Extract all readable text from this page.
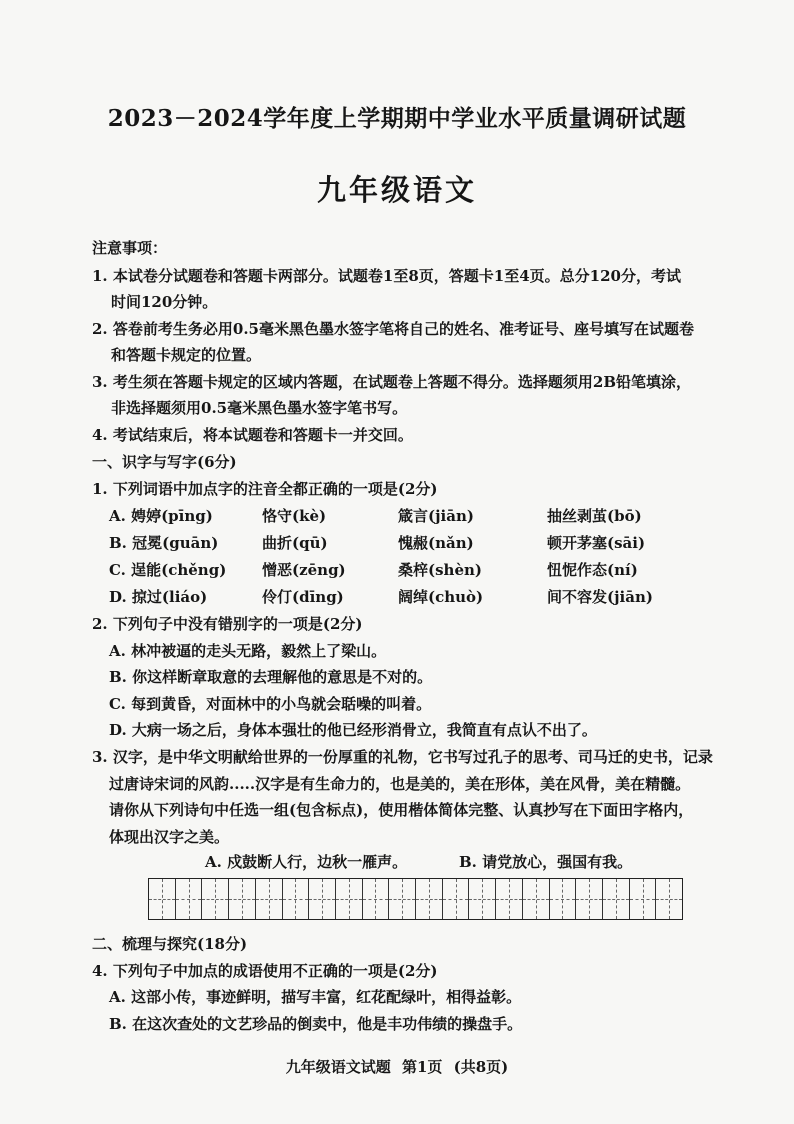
2023－2024学年度上学期期中学业水平质量调研试题
九年级语文
注意事项：
1. 本试卷分试题卷和答题卡两部分。试题卷1至8页，答题卡1至4页。总分120分，考试
时间120分钟。
2. 答卷前考生务必用0.5毫米黑色墨水签字笔将自己的姓名、准考证号、座号填写在试题卷
和答题卡规定的位置。
3. 考生须在答题卡规定的区域内答题，在试题卷上答题不得分。选择题须用2B铅笔填涂，
非选择题须用0.5毫米黑色墨水签字笔书写。
4. 考试结束后，将本试题卷和答题卡一并交回。
一、识字与写字(6分)
1. 下列词语中加点字的注音全都正确的一项是(2分)
A. 娉婷(pīng)	恪守(kè)	箴言(jiān)	抽丝剥茧(bō)
B. 冠冕(guān)	曲折(qū)	愧赧(nǎn)	顿开茅塞(sāi)
C. 逞能(chěng) 憎恶(zēng)	桑梓(shèn)	忸怩作态(ní)
D. 掠过(liáo)	伶仃(dīng)	阔绰(chuò)	间不容发(jiān)
2. 下列句子中没有错别字的一项是(2分)
A. 林冲被逼的走头无路，毅然上了梁山。
B. 你这样断章取意的去理解他的意思是不对的。
C. 每到黄昏，对面林中的小鸟就会聒噪的叫着。
D. 大病一场之后，身体本强壮的他已经形消骨立，我简直有点认不出了。
3. 汉字，是中华文明献给世界的一份厚重的礼物，它书写过孔子的思考、司马迁的史书，记录
过唐诗宋词的风韵.....汉字是有生命力的，也是美的，美在形体，美在风骨，美在精髓。
请你从下列诗句中任选一组(包含标点)，使用楷体简体完整、认真抄写在下面田字格内，
体现出汉字之美。
A. 戍鼓断人行，边秋一雁声。	B. 请党放心，强国有我。
二、梳理与探究(18分)
4. 下列句子中加点的成语使用不正确的一项是(2分)
A. 这部小传，事迹鲜明，描写丰富，红花配绿叶，相得益彰。
B. 在这次查处的文艺珍品的倒卖中，他是丰功伟绩的操盘手。
九年级语文试题 第1页 (共8页)
